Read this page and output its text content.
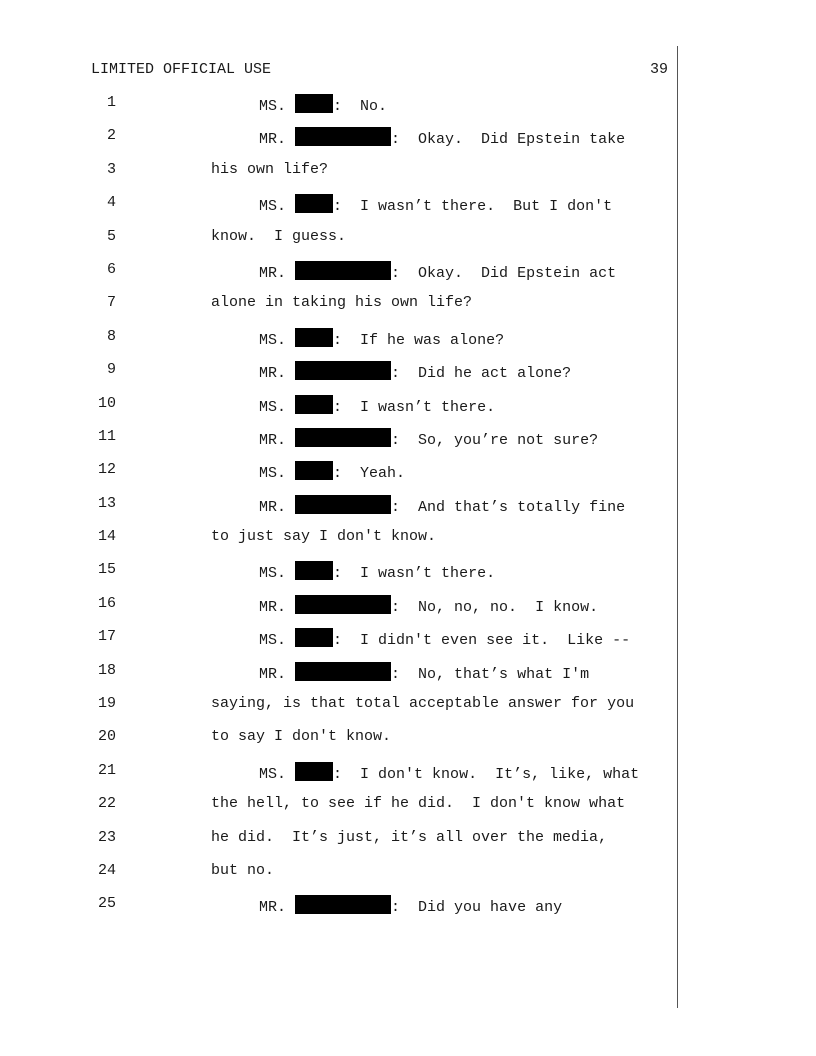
LIMITED OFFICIAL USE	39
1	MS.	:  No.
2	MR.	:  Okay.  Did Epstein take
3	his own life?
4	MS.	:  I wasn’t there.  But I don't
5	know.  I guess.
6	MR.	:  Okay.  Did Epstein act
7	alone in taking his own life?
8	MS.	:  If he was alone?
9	MR.	:  Did he act alone?
10	MS.	:  I wasn’t there.
11	MR.	:  So, you’re not sure?
12	MS.	:  Yeah.
13	MR.	:  And that’s totally fine
14	to just say I don't know.
15	MS.	:  I wasn’t there.
16	MR.	:  No, no, no.  I know.
17	MS.	:  I didn't even see it.  Like --
18	MR.	:  No, that’s what I'm
19	saying, is that total acceptable answer for you
20	to say I don't know.
21	MS.	:  I don't know.  It’s, like, what
22	the hell, to see if he did.  I don't know what
23	he did.  It’s just, it’s all over the media,
24	but no.
25	MR.	:  Did you have any
